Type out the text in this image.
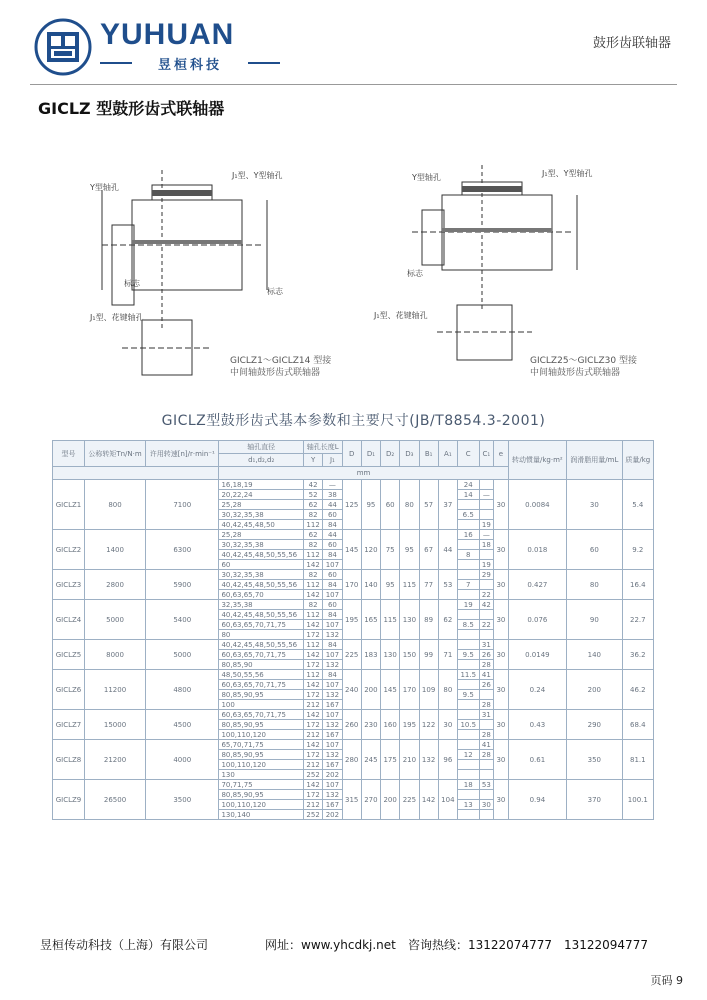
YUHUAN
昱桓科技
鼓形齿联轴器
GICLZ 型鼓形齿式联轴器
Y型轴孔
J₁型、Y型轴孔
标志
标志
J₁型、花键轴孔
GICLZ1～GICLZ14 型接
中间轴鼓形齿式联轴器
Y型轴孔	J₁型、Y型轴孔
标志
J₁型、花键轴孔
GICLZ25～GICLZ30 型接
中间轴鼓形齿式联轴器
GICLZ型鼓形齿式基本参数和主要尺寸(JB/T8854.3-2001)
型号	公称转矩Tn/N·m	许用转速[n]/r·min⁻¹	轴孔直径	轴孔长度L		D	D₁	D₂	D₃	B₁	A₁	C	C₁	e	转动惯量/kg·m²	润滑脂用量/mL	质量/kg
			d₁,d₂,d₂	Y	J₁												
			mm														
GICLZ1	800	7100	16,18,19	42	—	125	95	60	80	57	37	24		30	0.0084	30	5.4
			20,22,24	52	38							14	—				
			25,28	62	44												
			30,32,35,38	82	60							6.5					
			40,42,45,48,50	112	84								19				
GICLZ2	1400	6300	25,28	62	44	145	120	75	95	67	44	16	—	30	0.018	60	9.2
			30,32,35,38	82	60								18				
			40,42,45,48,50,55,56	112	84							8					
			60	142	107								19				
GICLZ3	2800	5900	30,32,35,38	82	60	170	140	95	115	77	53		29	30	0.427	80	16.4
			40,42,45,48,50,55,56	112	84							7					
			60,63,65,70	142	107								22				
GICLZ4	5000	5400	32,35,38	82	60	195	165	115	130	89	62	19	42	30	0.076	90	22.7
			40,42,45,48,50,55,56	112	84												
			60,63,65,70,71,75	142	107							8.5	22				
			80	172	132												
GICLZ5	8000	5000	40,42,45,48,50,55,56	112	84	225	183	130	150	99	71		31	30	0.0149	140	36.2
			60,63,65,70,71,75	142	107							9.5	26				
			80,85,90	172	132								28				
GICLZ6	11200	4800	48,50,55,56	112	84	240	200	145	170	109	80	11.5	41	30	0.24	200	46.2
			60,63,65,70,71,75	142	107								26				
			80,85,90,95	172	132							9.5					
			100	212	167								28				
GICLZ7	15000	4500	60,63,65,70,71,75	142	107	260	230	160	195	122	30		31	30	0.43	290	68.4
			80,85,90,95	172	132							10.5					
			100,110,120	212	167								28				
GICLZ8	21200	4000	65,70,71,75	142	107	280	245	175	210	132	96		41	30	0.61	350	81.1
			80,85,90,95	172	132							12	28				
			100,110,120	212	167												
			130	252	202												
GICLZ9	26500	3500	70,71,75	142	107	315	270	200	225	142	104	18	53	30	0.94	370	100.1
			80,85,90,95	172	132												
			100,110,120	212	167							13	30				
			130,140	252	202												
昱桓传动科技（上海）有限公司	网址：www.yhcdkj.net 咨询热线：13122074777　13122094777
页码 9
